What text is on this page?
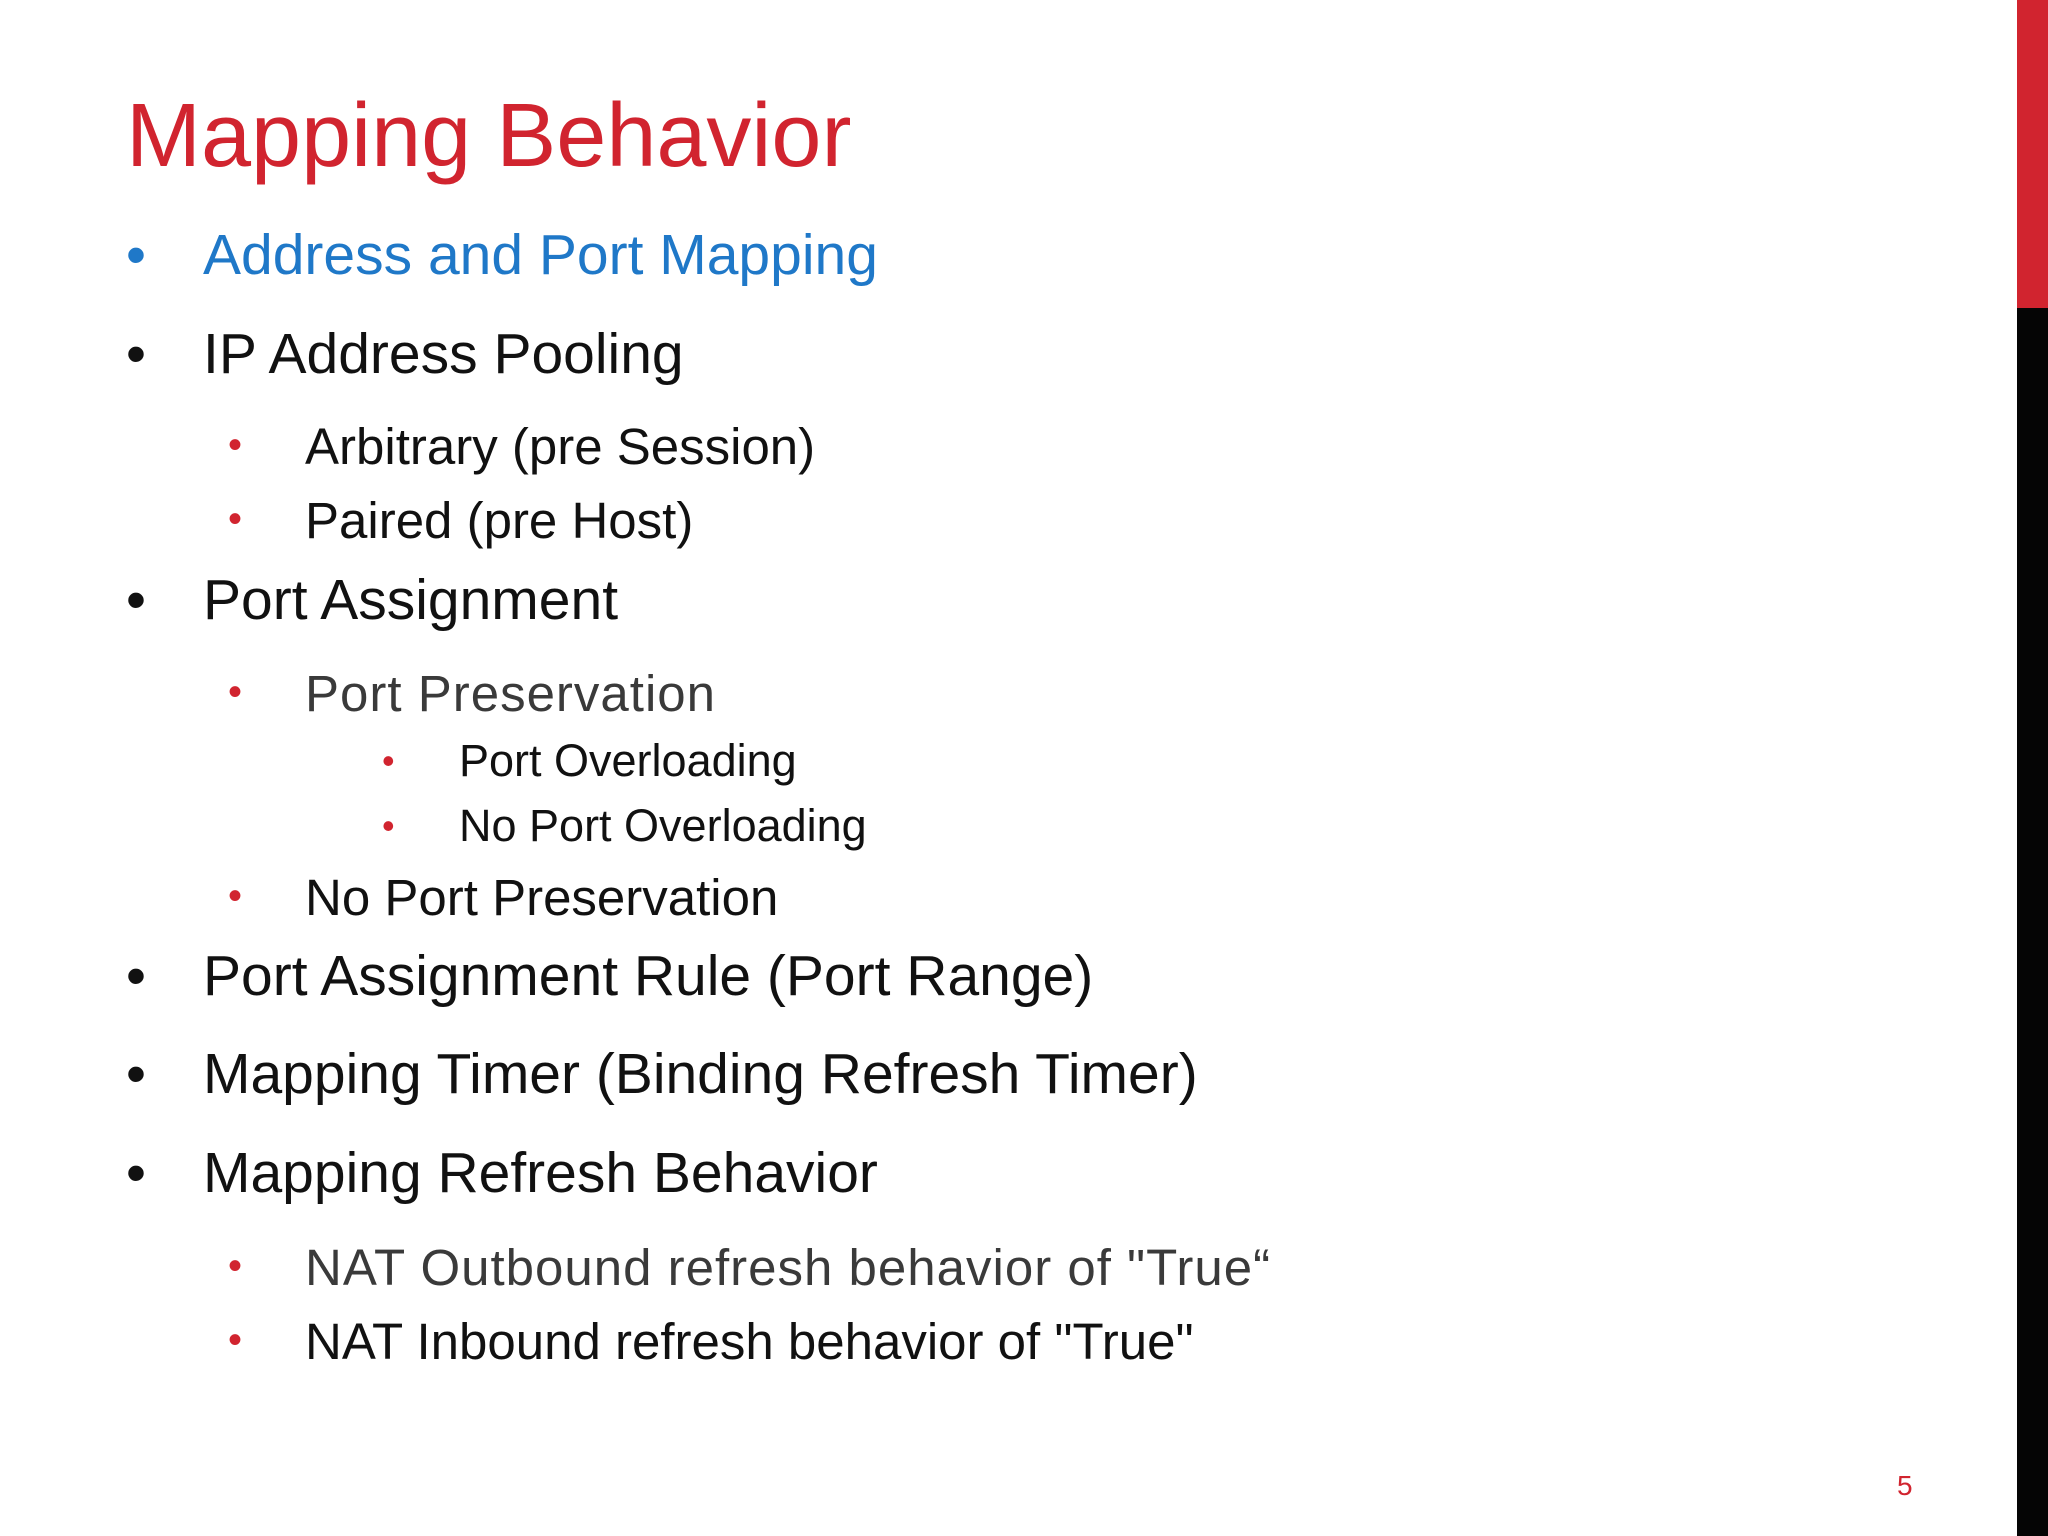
Mapping Behavior
• Address and Port Mapping
• IP Address Pooling
• Arbitrary (pre Session)
• Paired (pre Host)
• Port Assignment
• Port Preservation
• Port Overloading
• No Port Overloading
• No Port Preservation
• Port Assignment Rule (Port Range)
• Mapping Timer (Binding Refresh Timer)
• Mapping Refresh Behavior
• NAT Outbound refresh behavior of "True“
• NAT Inbound refresh behavior of "True"
5
